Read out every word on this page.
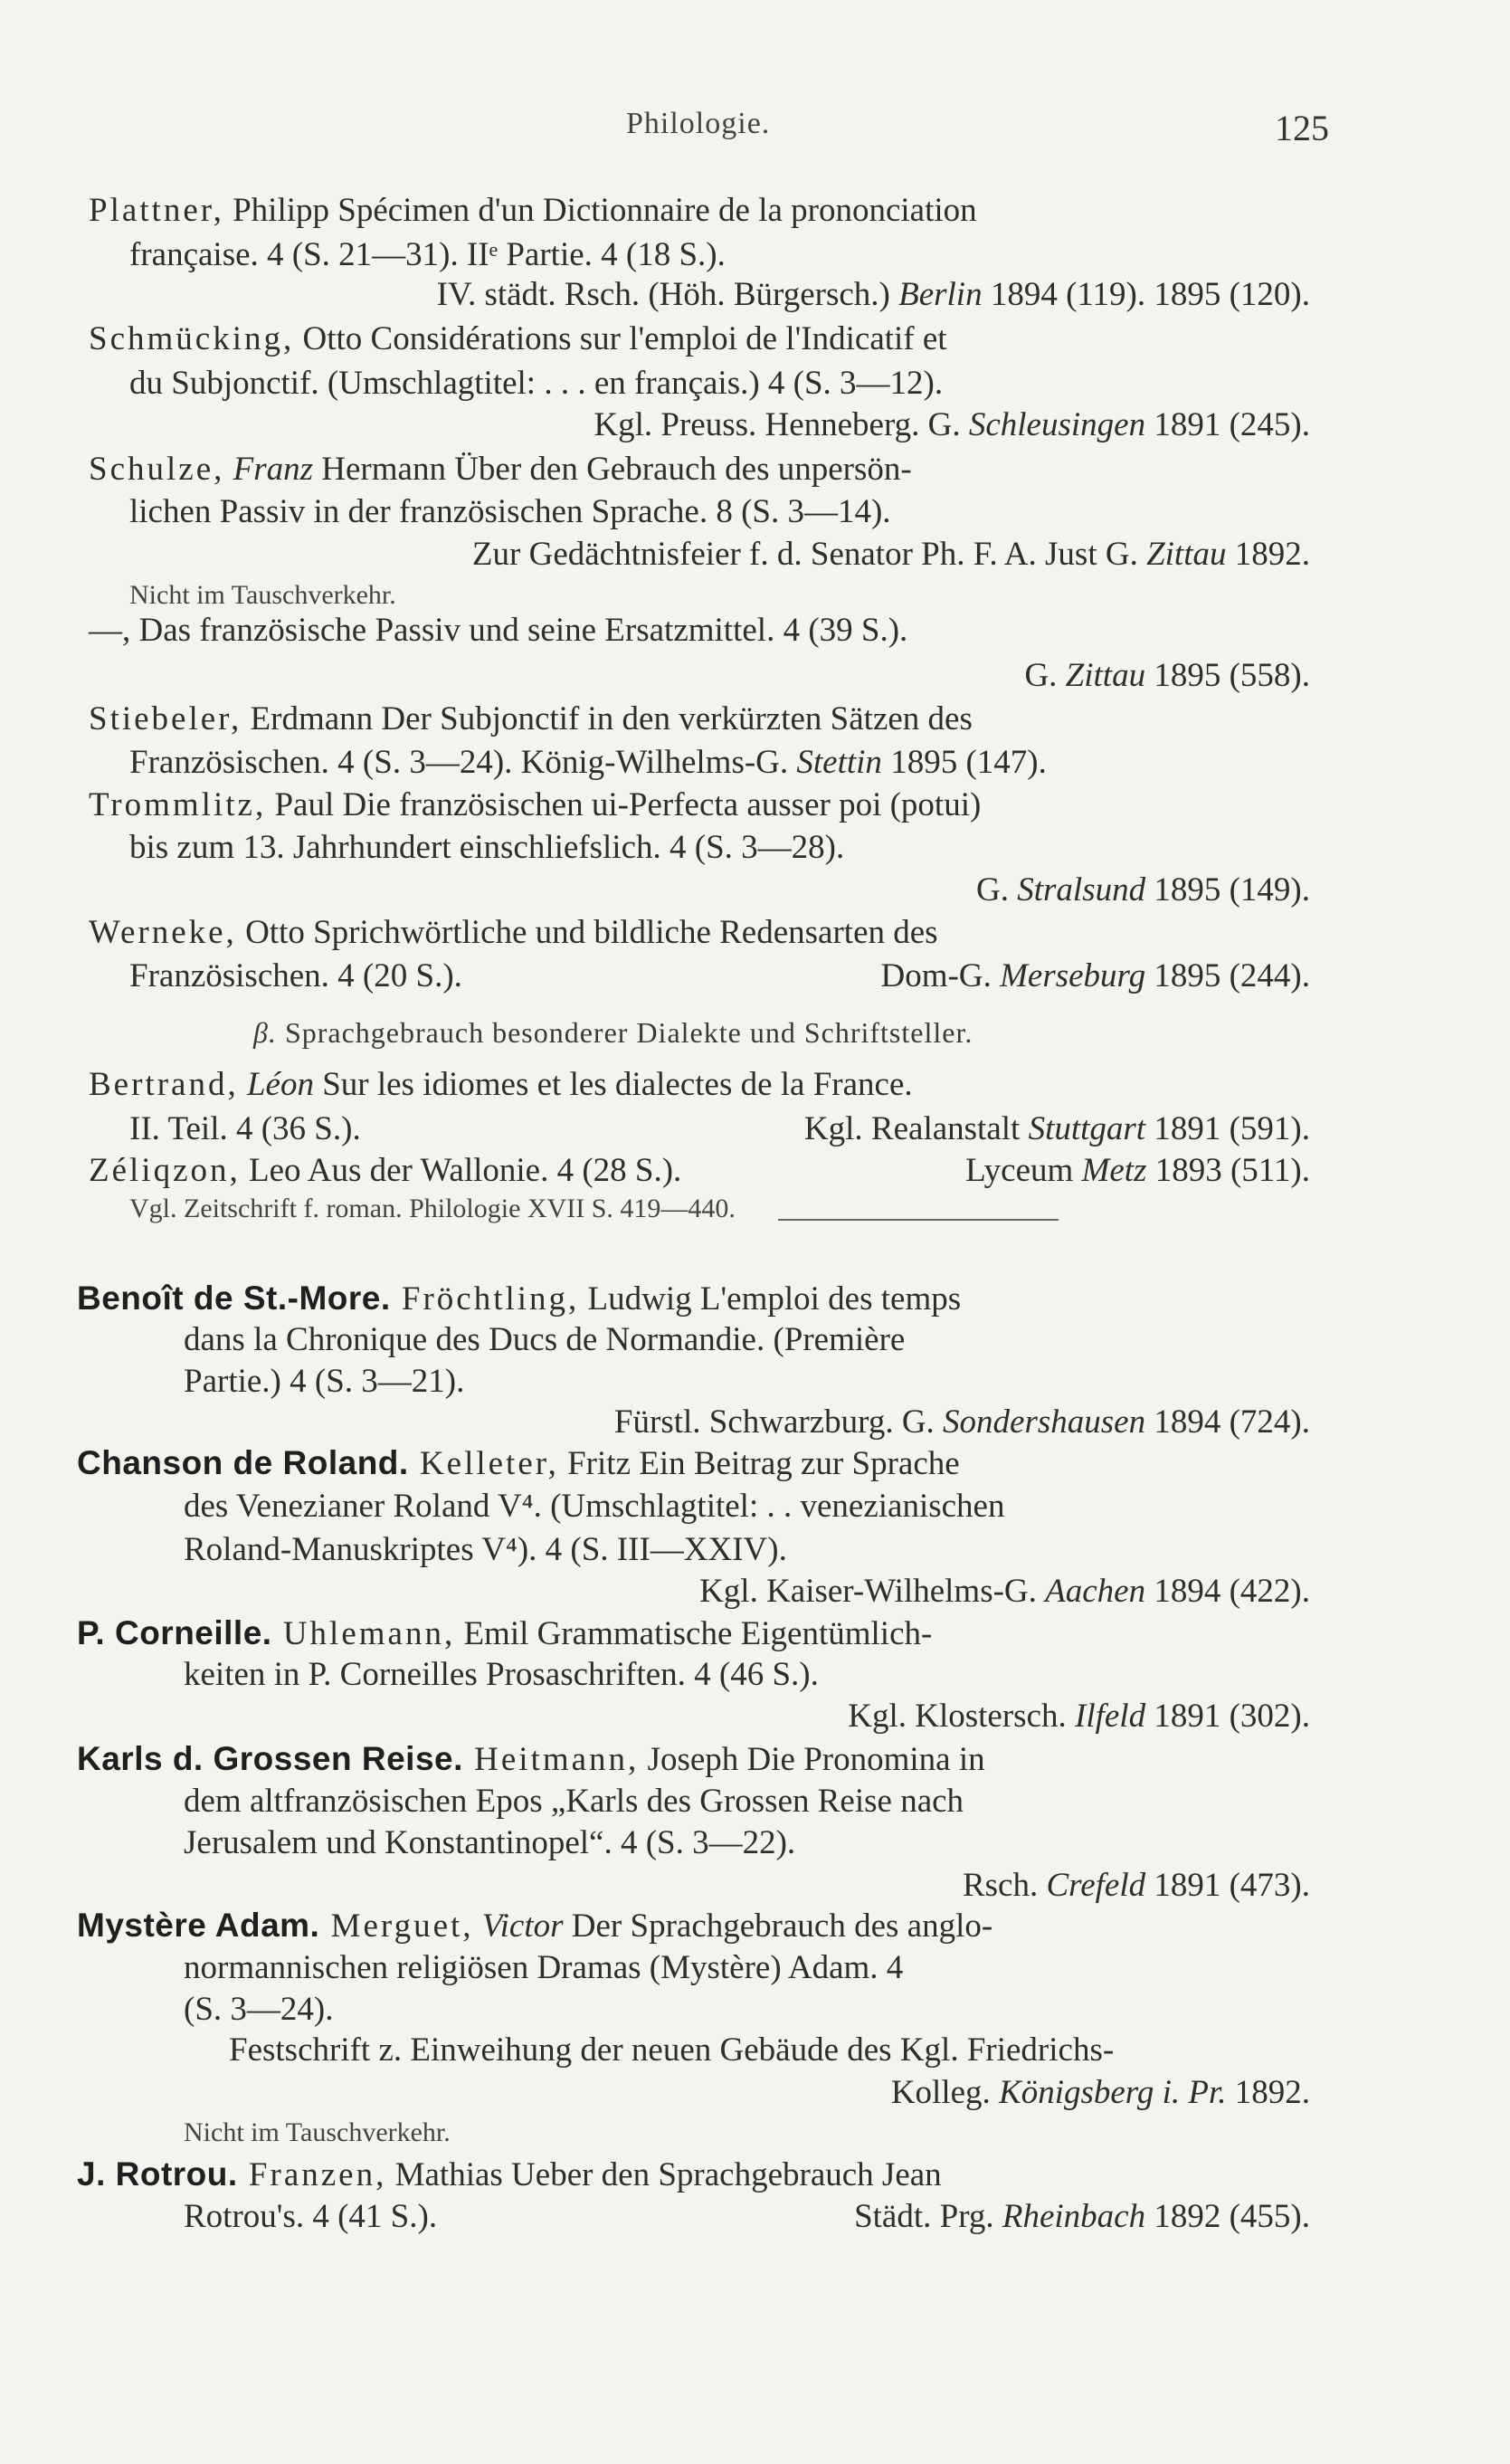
Philologie.	125
Plattner, Philipp Spécimen d'un Dictionnaire de la prononciation
française. 4 (S. 21—31). IIᵉ Partie. 4 (18 S.).
IV. städt. Rsch. (Höh. Bürgersch.) Berlin 1894 (119). 1895 (120).
Schmücking, Otto Considérations sur l'emploi de l'Indicatif et
du Subjonctif. (Umschlagtitel: . . . en français.) 4 (S. 3—12).
Kgl. Preuss. Henneberg. G. Schleusingen 1891 (245).
Schulze, Franz Hermann Über den Gebrauch des unpersön-
lichen Passiv in der französischen Sprache. 8 (S. 3—14).
Zur Gedächtnisfeier f. d. Senator Ph. F. A. Just G. Zittau 1892.
Nicht im Tauschverkehr.
—, Das französische Passiv und seine Ersatzmittel. 4 (39 S.).
G. Zittau 1895 (558).
Stiebeler, Erdmann Der Subjonctif in den verkürzten Sätzen des
Französischen. 4 (S. 3—24). König-Wilhelms-G. Stettin 1895 (147).
Trommlitz, Paul Die französischen ui-Perfecta ausser poi (potui)
bis zum 13. Jahrhundert einschliefslich. 4 (S. 3—28).
G. Stralsund 1895 (149).
Werneke, Otto Sprichwörtliche und bildliche Redensarten des
Französischen. 4 (20 S.).	Dom-G. Merseburg 1895 (244).
β. Sprachgebrauch besonderer Dialekte und Schriftsteller.
Bertrand, Léon Sur les idiomes et les dialectes de la France.
II. Teil. 4 (36 S.).	Kgl. Realanstalt Stuttgart 1891 (591).
Zéliqzon, Leo Aus der Wallonie. 4 (28 S.).	Lyceum Metz 1893 (511).
Vgl. Zeitschrift f. roman. Philologie XVII S. 419—440.
Benoît de St.-More. Fröchtling, Ludwig L'emploi des temps
dans la Chronique des Ducs de Normandie. (Première
Partie.) 4 (S. 3—21).
Fürstl. Schwarzburg. G. Sondershausen 1894 (724).
Chanson de Roland. Kelleter, Fritz Ein Beitrag zur Sprache
des Venezianer Roland V⁴. (Umschlagtitel: . . venezianischen
Roland-Manuskriptes V⁴). 4 (S. III—XXIV).
Kgl. Kaiser-Wilhelms-G. Aachen 1894 (422).
P. Corneille. Uhlemann, Emil Grammatische Eigentümlich-
keiten in P. Corneilles Prosaschriften. 4 (46 S.).
Kgl. Klostersch. Ilfeld 1891 (302).
Karls d. Grossen Reise. Heitmann, Joseph Die Pronomina in
dem altfranzösischen Epos „Karls des Grossen Reise nach
Jerusalem und Konstantinopel“. 4 (S. 3—22).
Rsch. Crefeld 1891 (473).
Mystère Adam. Merguet, Victor Der Sprachgebrauch des anglo-
normannischen religiösen Dramas (Mystère) Adam. 4
(S. 3—24).
Festschrift z. Einweihung der neuen Gebäude des Kgl. Friedrichs-
Kolleg. Königsberg i. Pr. 1892.
Nicht im Tauschverkehr.
J. Rotrou. Franzen, Mathias Ueber den Sprachgebrauch Jean
Rotrou's. 4 (41 S.).	Städt. Prg. Rheinbach 1892 (455).
